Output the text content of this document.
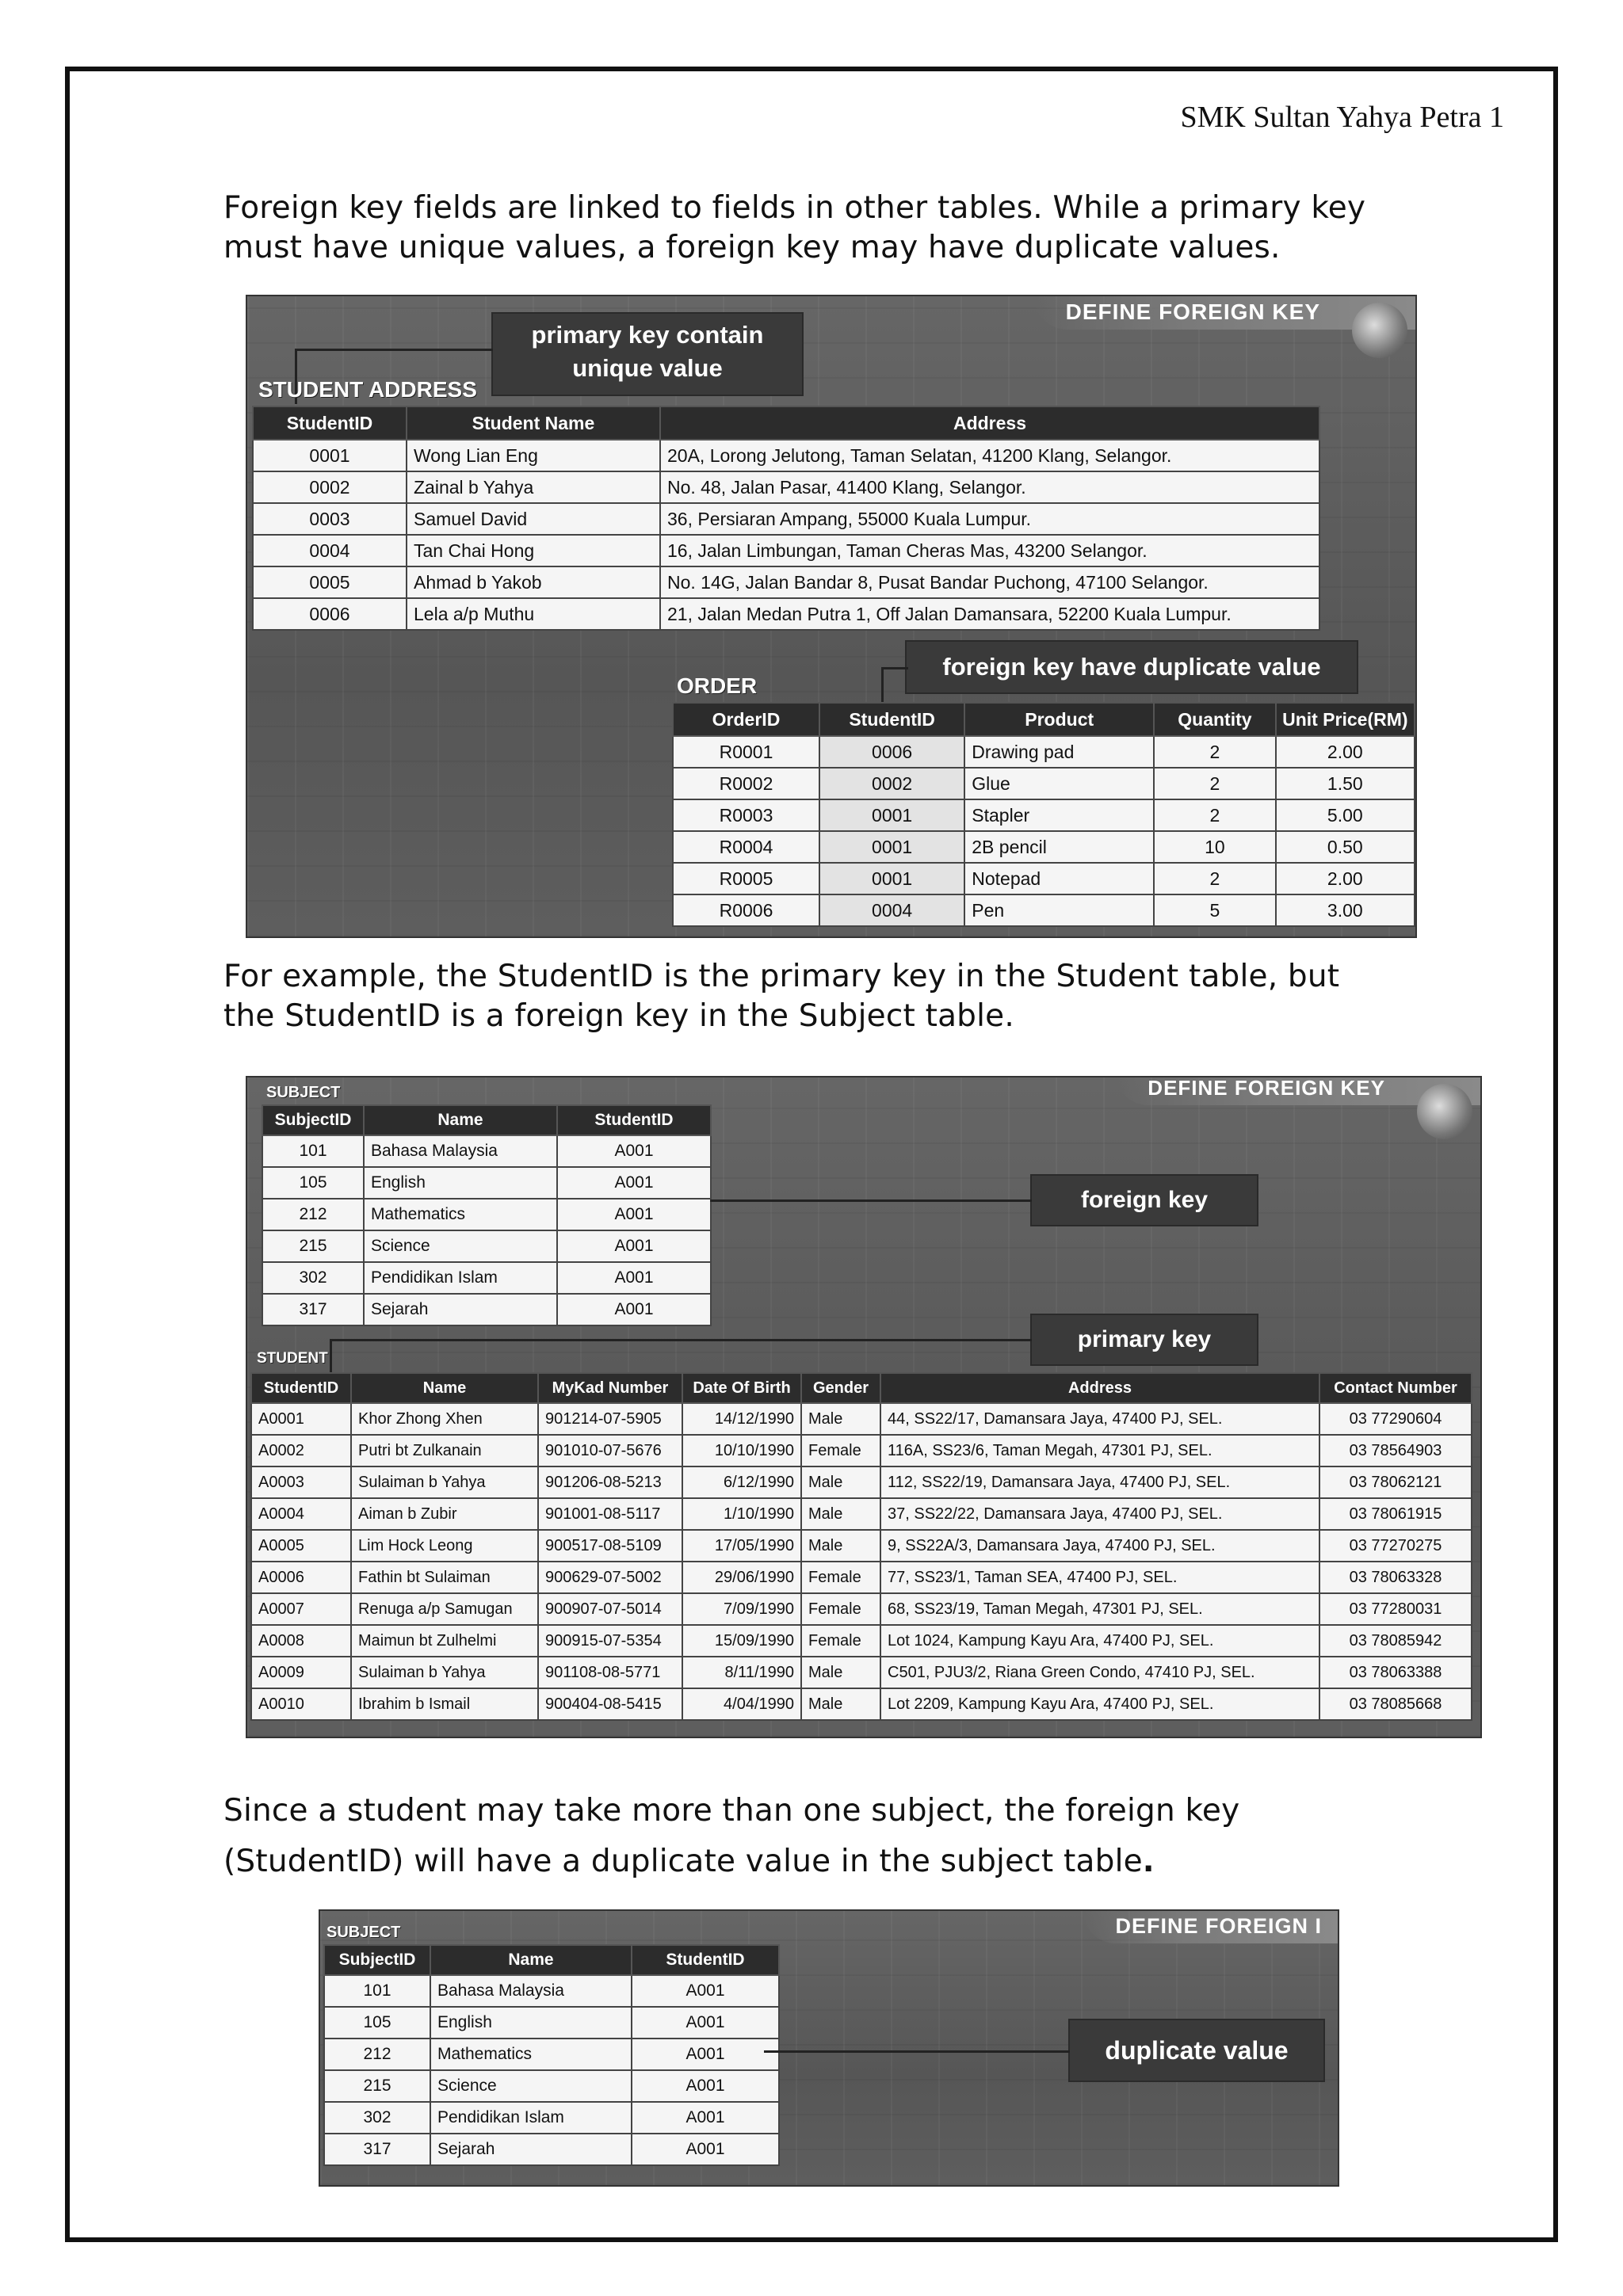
SMK Sultan Yahya Petra 1
Foreign key fields are linked to fields in other tables. While a primary key
must have unique values, a foreign key may have duplicate values.
DEFINE FOREIGN KEY
primary key contain
unique value
STUDENT ADDRESS
StudentID	Student Name	Address
0001	Wong Lian Eng	20A, Lorong Jelutong, Taman Selatan, 41200 Klang, Selangor.
0002	Zainal b Yahya	No. 48, Jalan Pasar, 41400 Klang, Selangor.
0003	Samuel David	36, Persiaran Ampang, 55000 Kuala Lumpur.
0004	Tan Chai Hong	16, Jalan Limbungan, Taman Cheras Mas, 43200 Selangor.
0005	Ahmad b Yakob	No. 14G, Jalan Bandar 8, Pusat Bandar Puchong, 47100 Selangor.
0006	Lela a/p Muthu	21, Jalan Medan Putra 1, Off Jalan Damansara, 52200 Kuala Lumpur.
foreign key have duplicate value
ORDER
OrderID	StudentID	Product	Quantity	Unit Price(RM)
R0001	0006	Drawing pad	2	2.00
R0002	0002	Glue	2	1.50
R0003	0001	Stapler	2	5.00
R0004	0001	2B pencil	10	0.50
R0005	0001	Notepad	2	2.00
R0006	0004	Pen	5	3.00
For example, the StudentID is the primary key in the Student table, but
the StudentID is a foreign key in the Subject table.
DEFINE FOREIGN KEY
SUBJECT
SubjectID	Name	StudentID
101	Bahasa Malaysia	A001
105	English	A001
212	Mathematics	A001
215	Science	A001
302	Pendidikan Islam	A001
317	Sejarah	A001
foreign key
primary key
STUDENT
StudentID	Name	MyKad Number	Date Of Birth	Gender	Address	Contact Number
A0001	Khor Zhong Xhen	901214-07-5905	14/12/1990	Male	44, SS22/17, Damansara Jaya, 47400 PJ, SEL.	03 77290604
A0002	Putri bt Zulkanain	901010-07-5676	10/10/1990	Female	116A, SS23/6, Taman Megah, 47301 PJ, SEL.	03 78564903
A0003	Sulaiman b Yahya	901206-08-5213	6/12/1990	Male	112, SS22/19, Damansara Jaya, 47400 PJ, SEL.	03 78062121
A0004	Aiman b Zubir	901001-08-5117	1/10/1990	Male	37, SS22/22, Damansara Jaya, 47400 PJ, SEL.	03 78061915
A0005	Lim Hock Leong	900517-08-5109	17/05/1990	Male	9, SS22A/3, Damansara Jaya, 47400 PJ, SEL.	03 77270275
A0006	Fathin bt Sulaiman	900629-07-5002	29/06/1990	Female	77, SS23/1, Taman SEA, 47400 PJ, SEL.	03 78063328
A0007	Renuga a/p Samugan	900907-07-5014	7/09/1990	Female	68, SS23/19, Taman Megah, 47301 PJ, SEL.	03 77280031
A0008	Maimun bt Zulhelmi	900915-07-5354	15/09/1990	Female	Lot 1024, Kampung Kayu Ara, 47400 PJ, SEL.	03 78085942
A0009	Sulaiman b Yahya	901108-08-5771	8/11/1990	Male	C501, PJU3/2, Riana Green Condo, 47410 PJ, SEL.	03 78063388
A0010	Ibrahim b Ismail	900404-08-5415	4/04/1990	Male	Lot 2209, Kampung Kayu Ara, 47400 PJ, SEL.	03 78085668
Since a student may take more than one subject, the foreign key
(StudentID) will have a duplicate value in the subject table.
DEFINE FOREIGN I
SUBJECT
SubjectID	Name	StudentID
101	Bahasa Malaysia	A001
105	English	A001
212	Mathematics	A001
215	Science	A001
302	Pendidikan Islam	A001
317	Sejarah	A001
duplicate value
